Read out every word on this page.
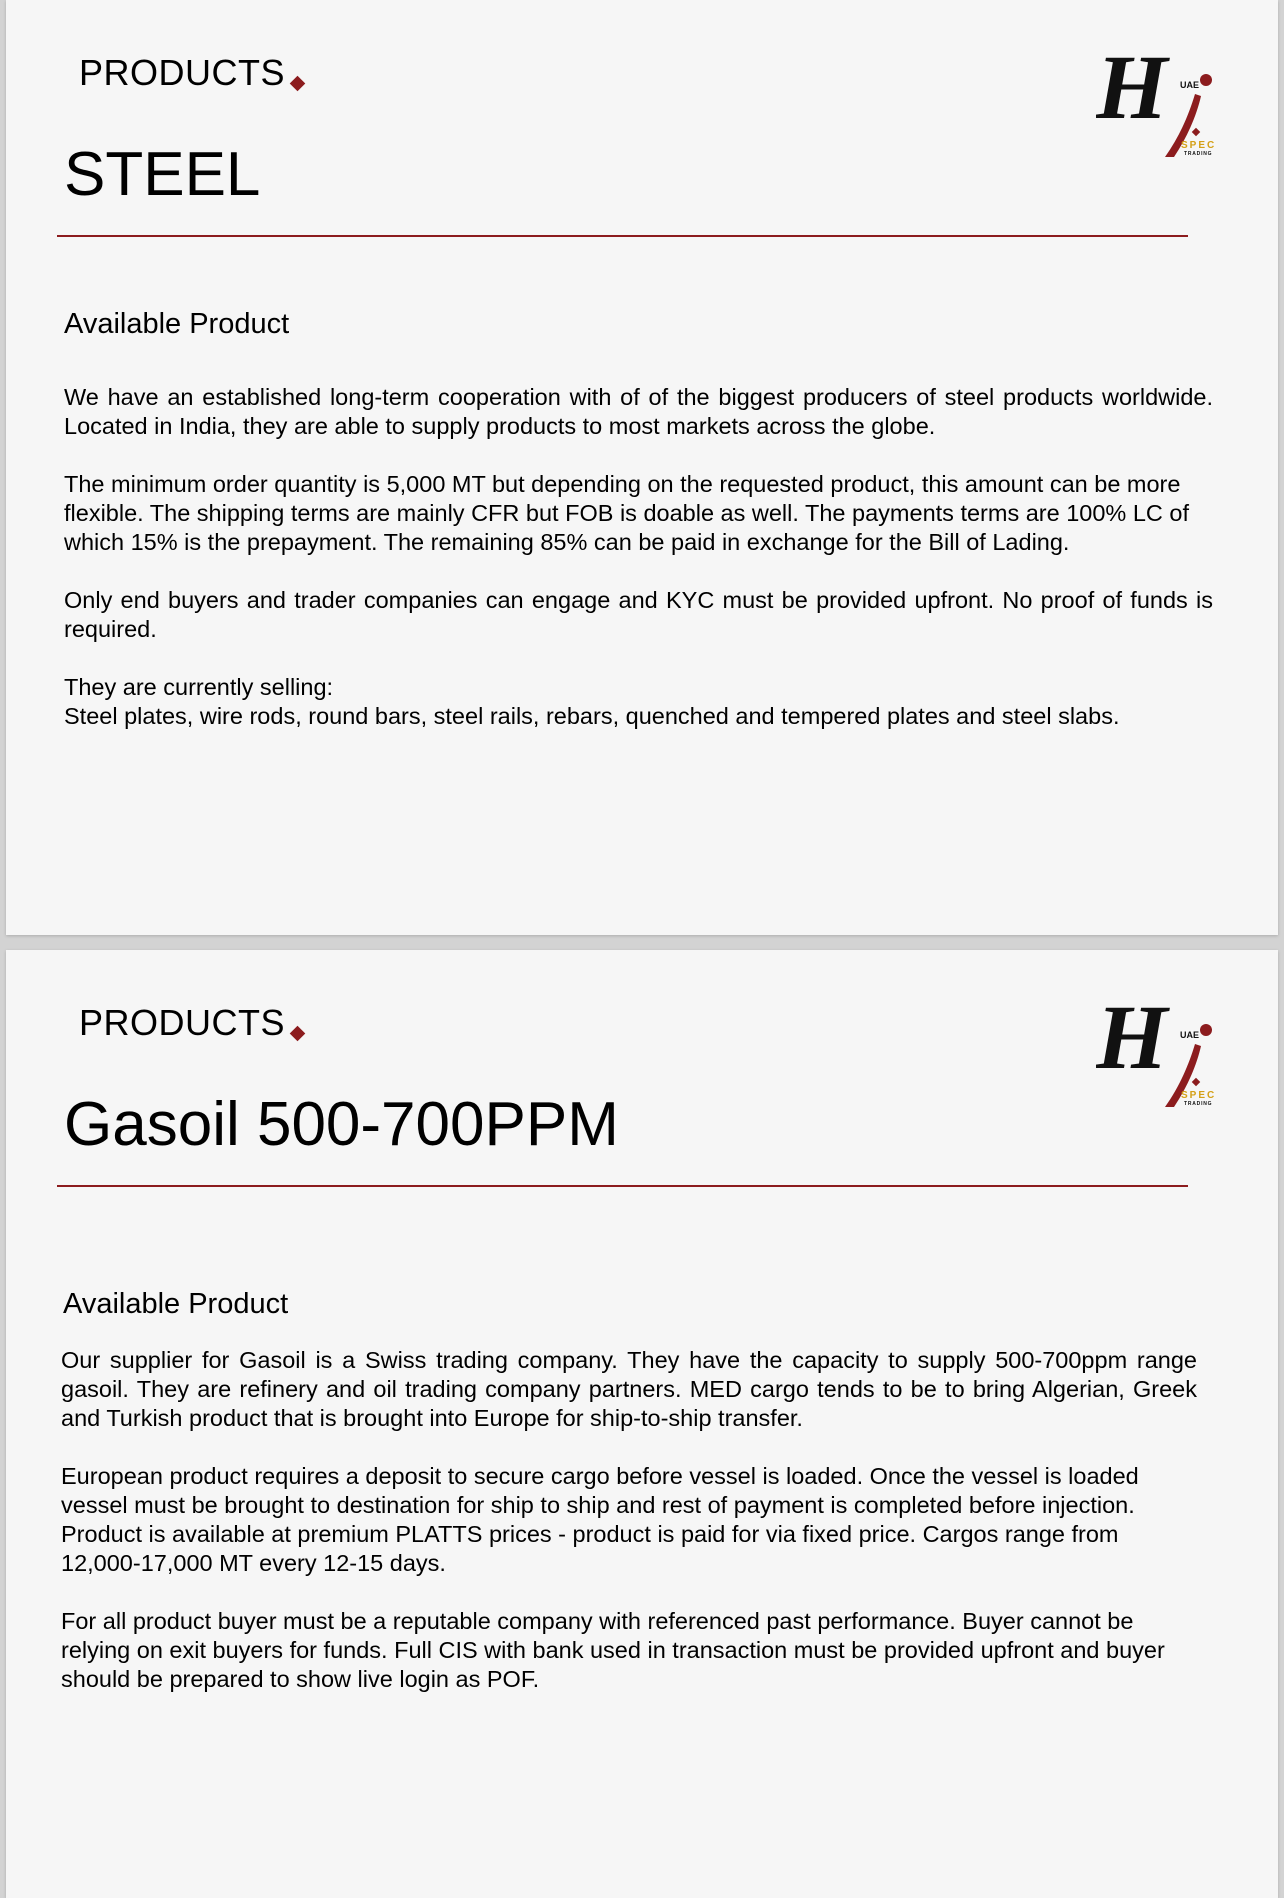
PRODUCTS	H UAE
SPEC
TRADING
STEEL
Available Product

We have an established long-term cooperation with of of the biggest producers of steel products worldwide. Located in India, they are able to supply products to most markets across the globe.

The minimum order quantity is 5,000 MT but depending on the requested product, this amount can be more flexible. The shipping terms are mainly CFR but FOB is doable as well. The payments terms are 100% LC of which 15% is the prepayment. The remaining 85% can be paid in exchange for the Bill of Lading.

Only end buyers and trader companies can engage and KYC must be provided upfront. No proof of funds is required.

They are currently selling:
Steel plates, wire rods, round bars, steel rails, rebars, quenched and tempered plates and steel slabs.

PRODUCTS	H UAE
SPEC
TRADING
Gasoil 500-700PPM
Available Product

Our supplier for Gasoil is a Swiss trading company. They have the capacity to supply 500-700ppm range gasoil. They are refinery and oil trading company partners. MED cargo tends to be to bring Algerian, Greek and Turkish product that is brought into Europe for ship-to-ship transfer.

European product requires a deposit to secure cargo before vessel is loaded. Once the vessel is loaded vessel must be brought to destination for ship to ship and rest of payment is completed before injection. Product is available at premium PLATTS prices - product is paid for via fixed price. Cargos range from 12,000-17,000 MT every 12-15 days.

For all product buyer must be a reputable company with referenced past performance. Buyer cannot be relying on exit buyers for funds. Full CIS with bank used in transaction must be provided upfront and buyer should be prepared to show live login as POF.
